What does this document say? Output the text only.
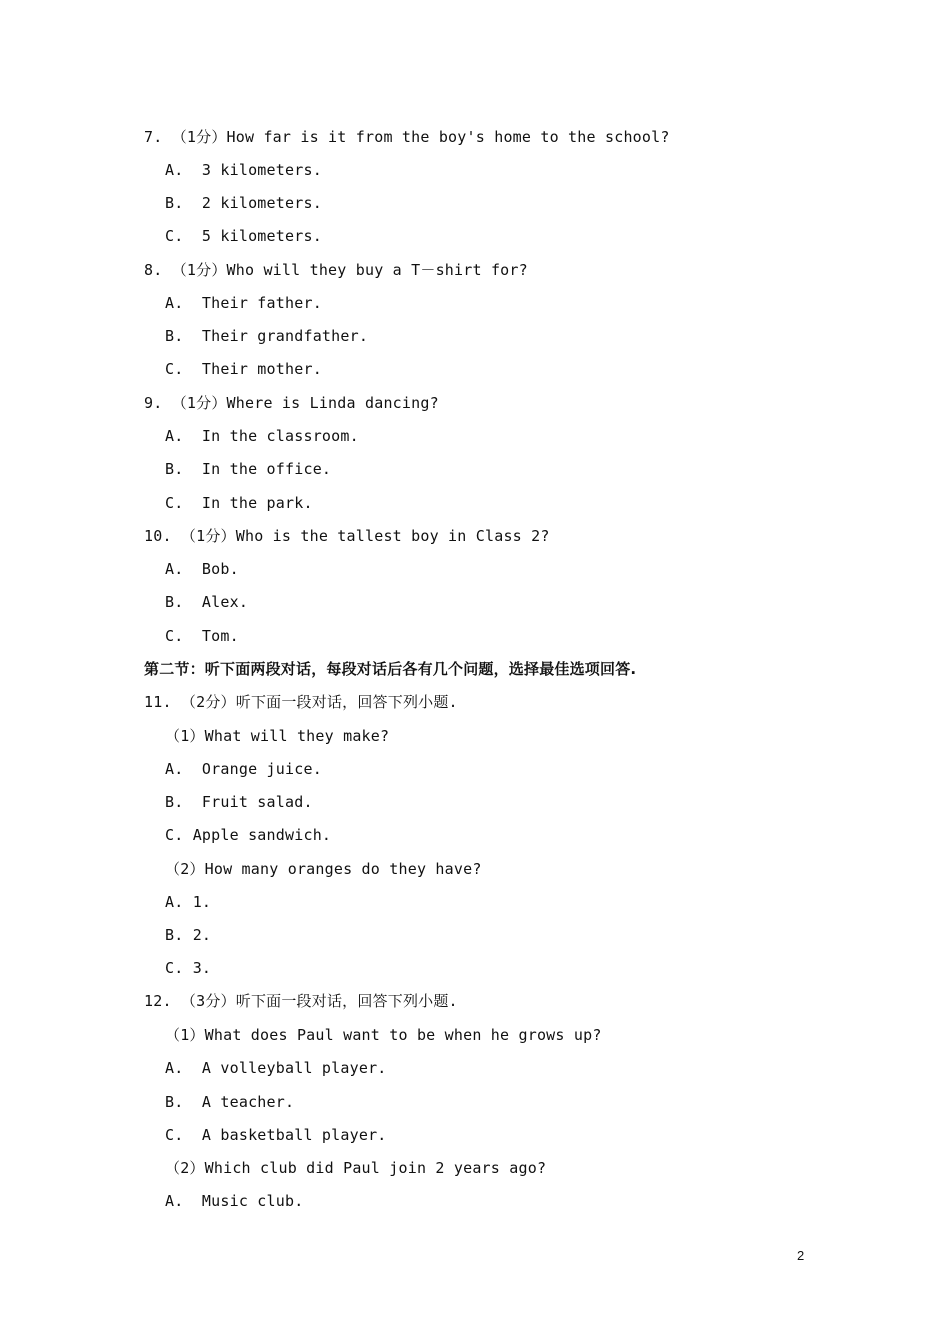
7. （1分）How far is it from the boy's home to the school?
A.  3 kilometers.
B.  2 kilometers.
C.  5 kilometers.
8. （1分）Who will they buy a T－shirt for?
A.  Their father.
B.  Their grandfather.
C.  Their mother.
9. （1分）Where is Linda dancing?
A.  In the classroom.
B.  In the office.
C.  In the park.
10. （1分）Who is the tallest boy in Class 2?
A.  Bob.
B.  Alex.
C.  Tom.
第二节：听下面两段对话，每段对话后各有几个问题，选择最佳选项回答.
11. （2分）听下面一段对话，回答下列小题.
（1）What will they make?
A.  Orange juice.
B.  Fruit salad.
C. Apple sandwich.
（2）How many oranges do they have?
A. 1.
B. 2.
C. 3.
12. （3分）听下面一段对话，回答下列小题.
（1）What does Paul want to be when he grows up?
A.  A volleyball player.
B.  A teacher.
C.  A basketball player.
（2）Which club did Paul join 2 years ago?
A.  Music club.
2
